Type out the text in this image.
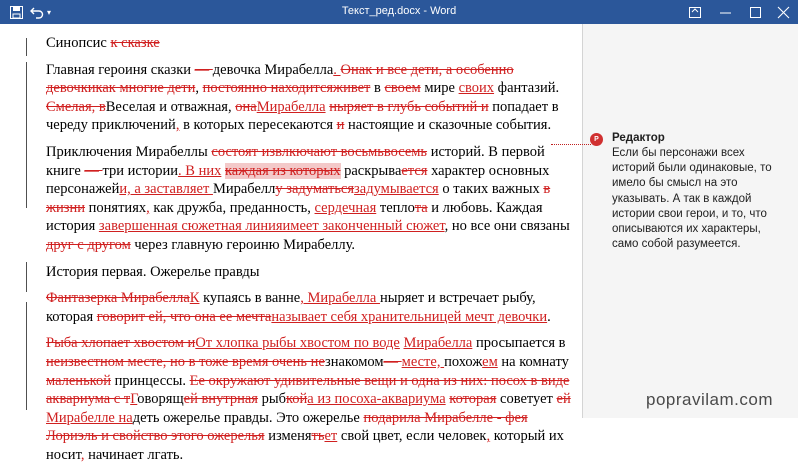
▾	Текст_ред.docx - Word

Синопсис к сказке

Главная героиня сказки — девочка Мирабелла. Онак и все дети, а особенно девочкикак многие дети, постоянно находитсяживет в своем мире своих фантазий. Смелая, вВеселая и отважная, онаМирабелла ныряет в глубь событий и попадает в череду приключений, в которых пересекаются и настоящие и сказочные события.

Приключения Мирабеллы состоят извлкючают восьмьвосемь историй. В первой книге — три истории. В них каждая из которых раскрывается характер основных персонажейи, а заставляет Мирабеллу задуматьсязадумывается о таких важных в жизни понятиях, как дружба, преданность, сердечная теплота и любовь. Каждая история завершенная сюжетная линияимеет законченный сюжет, но все они связаны друг с другом через главную героиню Мирабеллу.

История первая. Ожерелье правды

Фантазерка МирабеллаК купаясь в ванне, Мирабелла ныряет и встречает рыбу, которая говорит ей, что она ее мечтаназывает себя хранительницей мечт девочки.

Рыба хлопает хвостом иОт хлопка рыбы хвостом по воде Мирабелла просыпается в неизвестном месте, но в тоже время очень незнакомом— месте, похожем на комнату маленькой принцессы. Ее окружают удивительные вещи и одна из них: посох в виде аквариума с тГоворящей внутрная рыбкойа из посоха-аквариума которая советует ей Мирабелле надеть ожерелье правды. Это ожерелье подарила Мирабелле - фея Лориэль и свойство этого ожерелья изменятьет свой цвет, если человек, который их носит, начинает лгать.

P	Редактор
Если бы персонажи всех историй были одинаковые, то имело бы смысл на это указывать. А так в каждой истории свои герои, и то, что описываются их характеры, само собой разумеется.
popravilam.com
